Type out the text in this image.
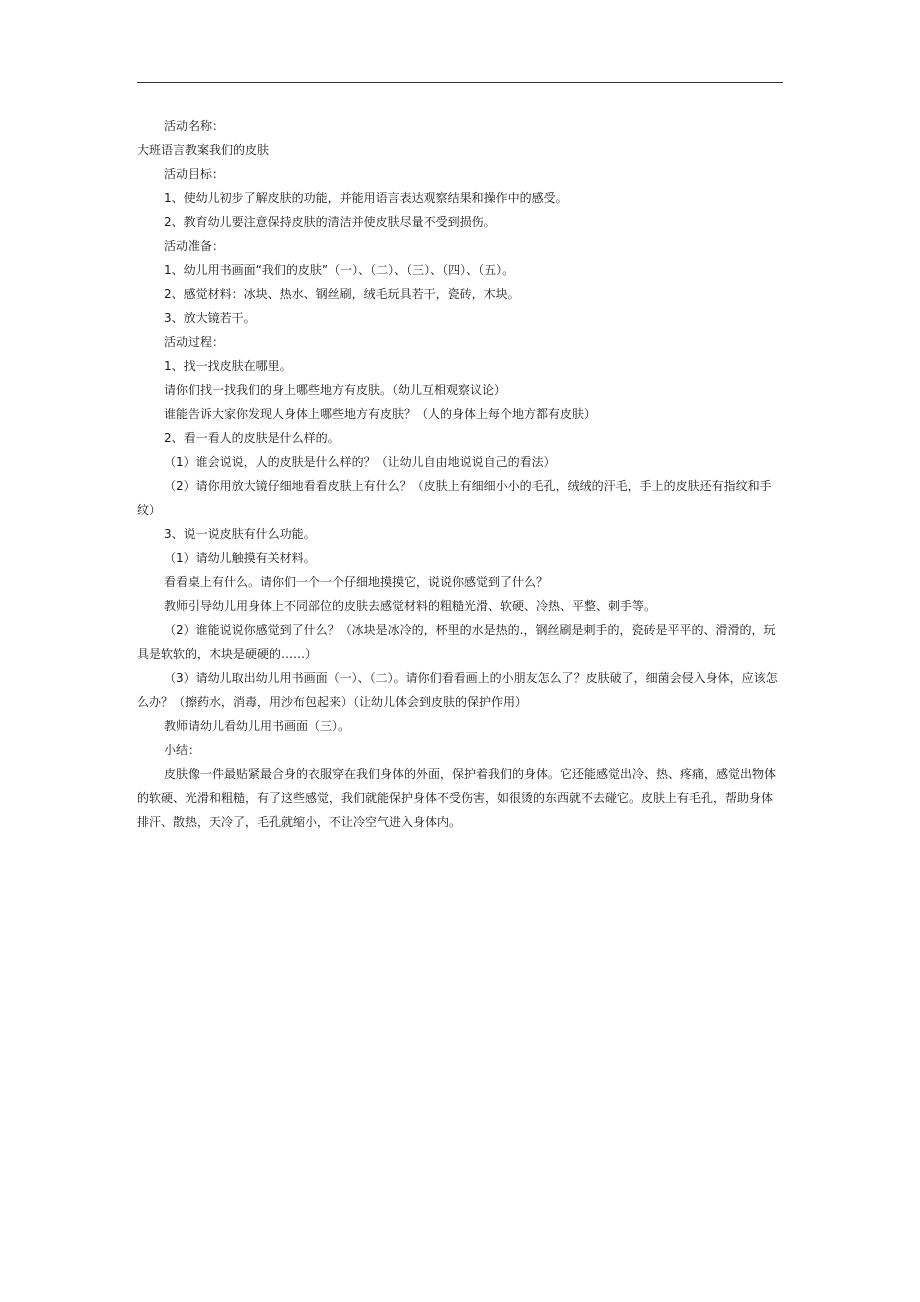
活动名称：

大班语言教案我们的皮肤

活动目标：

1、使幼儿初步了解皮肤的功能，并能用语言表达观察结果和操作中的感受。

2、教育幼儿要注意保持皮肤的清洁并使皮肤尽量不受到损伤。

活动准备：

1、幼儿用书画面“我们的皮肤”（一）、（二）、（三）、（四）、（五）。

2、感觉材料：冰块、热水、钢丝刷，绒毛玩具若干，瓷砖，木块。

3、放大镜若干。

活动过程：

1、找一找皮肤在哪里。

请你们找一找我们的身上哪些地方有皮肤。（幼儿互相观察议论）

谁能告诉大家你发现人身体上哪些地方有皮肤？（人的身体上每个地方都有皮肤）

2、看一看人的皮肤是什么样的。

（1）谁会说说，人的皮肤是什么样的？（让幼儿自由地说说自己的看法）

（2）请你用放大镜仔细地看看皮肤上有什么？（皮肤上有细细小小的毛孔，绒绒的汗毛，手上的皮肤还有指纹和手纹）

3、说一说皮肤有什么功能。

（1）请幼儿触摸有关材料。

看看桌上有什么。请你们一个一个仔细地摸摸它，说说你感觉到了什么？

教师引导幼儿用身体上不同部位的皮肤去感觉材料的粗糙光滑、软硬、冷热、平整、刺手等。

（2）谁能说说你感觉到了什么？（冰块是冰冷的，杯里的水是热的.，钢丝刷是刺手的，瓷砖是平平的、滑滑的，玩具是软软的，木块是硬硬的……）

（3）请幼儿取出幼儿用书画面（一）、（二）。请你们看看画上的小朋友怎么了？皮肤破了，细菌会侵入身体，应该怎么办？（擦药水，消毒，用沙布包起来）（让幼儿体会到皮肤的保护作用）

教师请幼儿看幼儿用书画面（三）。

小结：

皮肤像一件最贴紧最合身的衣服穿在我们身体的外面，保护着我们的身体。它还能感觉出冷、热、疼痛，感觉出物体的软硬、光滑和粗糙，有了这些感觉，我们就能保护身体不受伤害，如很烫的东西就不去碰它。皮肤上有毛孔，帮助身体排汗、散热，天冷了，毛孔就缩小，不让冷空气进入身体内。
